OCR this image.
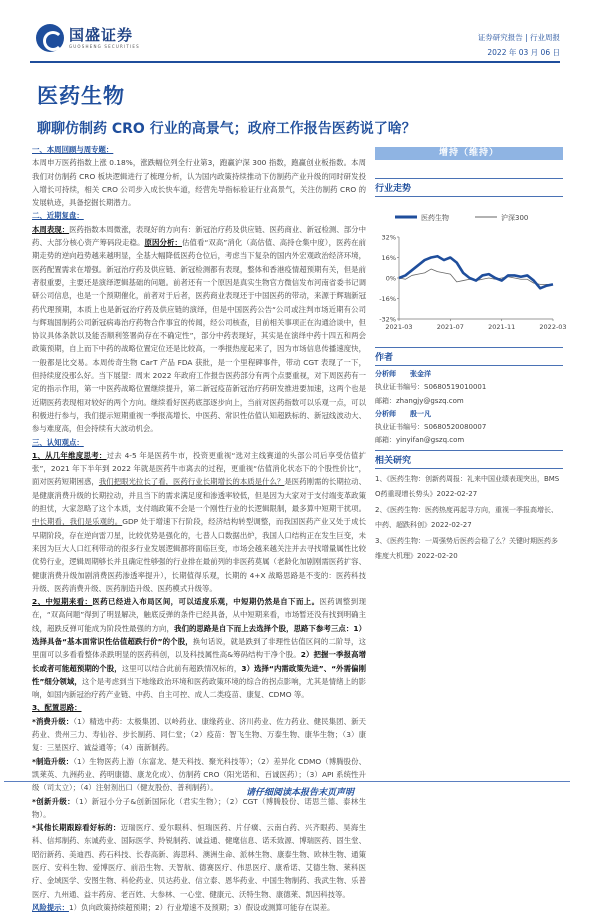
国盛证券
GUOSHENG SECURITIES
证券研究报告 | 行业周报
2022 年 03 月 06 日
医药生物
聊聊仿制药 CRO 行业的高景气；政府工作报告医药说了啥？
一、本周回顾与周专题：
本周申万医药指数上涨 0.18%，涨跌幅位列全行业第3，跑赢沪深 300 指数，跑赢创业板指数。本周我们对仿制药 CRO 板块逻辑进行了梳理分析，认为国内政策持续推动下仿制药产业升级的同时研发投入增长可持续，相关 CRO 公司步入成长快车道，经营先导指标验证行业高景气，关注仿制药 CRO 的发展轨迹，具备挖掘长期潜力。
二、近期复盘：
本周表现：医药指数本周微涨，表现好的方向有：新冠治疗药及供应链、医药商业、新冠检测、部分中药、大部分核心资产筹码段走稳。原因分析：估值看“双高”消化（高估值、高持仓集中度），医药在前期走势的逆向趋势越来越明显，全基大幅降低医药仓位后，考虑当下复杂的国内外宏观政治经济环境，医药配置需求在增强。新冠治疗药及供应链、新冠检测都有表现，整体和香港疫情超预期有关，但是前者很重要，主要还是演绎逻辑基础的问题。前者还有一个原因是真实生物官方微信发布河南省委书记调研公司信息，也是一个预期催化，前者对于后者，医药商业表现还于中国医药的带动，来源于辉瑞新冠药代理预期，本质上也是新冠治疗药及供应链的演绎，但是中国医药公告“公司或注判市场近期有公司与辉瑞国制药公司新冠病毒治疗药物合作事宜的传闻，经公司核查，目前相关事项正在沟通洽谈中，但协议具体条款以及能否顺利签署尚存在不确定性”，部分中药表现好，其实是在演绎中药十四五和两会政策预期，自上而下中药的战略位置定位还是比较高，一季报热度起来了，因为市场信息传播速度快，一般都是比交易。本周传奇生物 CarT 产品 FDA 获批，是一个里程碑事件，带动 CGT 表现了一下，但持续度没那么好。当下展望：周末 2022 年政府工作报告医药部分有两个点要重视，对下周医药有一定的指示作用，第一中医药战略位置继续提升，第二新冠疫苗新冠治疗药研发推进要加速，这两个也是近期医药表现相对较好的两个方向。继续看好医药底部逐步向上，当前对医药指数可以乐观一点，可以积极进行参与，我们提示短期重视一季报高增长、中医药、常识性估值认知超跌标的、新冠线波动大、参与难度高，但会持续有大波动机会。
三、认知观点：
1、从几年维度思考：过去 4-5 年是医药牛市，投资更重视“选对主线赛道的头部公司后享受估值扩张”，2021 年下半年到 2022 年就是医药牛市离去的过程，更重视“估值消化状态下的个股性价比”，面对医药短期困惑，我们把眼光拉长了看，医药行业长期增长的本质是什么？是医药刚需的长期拉动、是健康消费升级的长期拉动，并且当下的需求满足度和渗透率较低，但是因为大家对于支付端变革政策的担忧，大家忽略了这个本质，支付端政策不会是一个刚性行业的长逻辑限制，最多算中短期干扰项。中长期看，我们是乐观的。GDP 处于增速下行阶段，经济结构转型调整，而我国医药产业又处于成长早期阶段，存在逆向雷刀星，比较优势是强化的，七普人口数据出炉，我国人口结构正在发生巨变，未来因为巨大人口红利带动的很多行业发展逻辑都将面临巨变，市场会越来越关注并去寻找增量属性比较优势行业，逻辑周期够长并且确定性够强的行业排在最前列的非医药莫属（老龄化加剧刚需医药扩容、健康消费升级加剧消费医药渗透率提升），长期值得乐观，长期的 4+X 战略思路是不变的：医药科技升级、医药消费升级、医药制造升级、医药模式升级等。
2、中短期来看：医药已经进入布局区间，可以适度乐观，中短期仍然是自下而上。医药调整到现在，“双高问题”得到了明显解决，触底反弹的条件已经具备，从中短期来看，市场暂还没有找到明确主线，超跌反弹可能成为阶段性最强的方向，我们的思路是自下而上去选择个股，思路下参考三点：1）选择具备“基本面常识性估值超跌行价”的个股，换句话说，就是跌到了非理性估值区间的二阶导，这里面可以多看看整体杀跌明显的医药科创，以及科技属性高&筹码结构干净个股。2）把握一季报高增长或者可能超预期的个股，这里可以结合此前有超跌情况标的，3）选择“内需政策先进”、“外需偏刚性”细分领域，这个是考虑到当下地缘政治环境和医药政策环境的综合的拐点影响，尤其是情绪上的影响，如国内新冠治疗药产业链、中药、自主可控、成人二类疫苗、康复、CDMO 等。
3、配置思路：
*消费升级：（1）精选中药：太极集团、以岭药业、康缘药业、济川药业、佐力药业、健民集团、新天药业、贵州三力、寿仙谷、步长制药、同仁堂；（2）疫苗：智飞生物、万泰生物、康华生物；（3）康复：三星医疗、诚益通等；（4）南新制药。
*制造升级：（1）生物医药上游（东富龙、楚天科技、聚光科技等）；（2）差异化 CDMO（博腾股份、凯莱英、九洲药业、药明康德、康龙化成）、仿制药 CRO（阳光诺和、百诚医药）；（3）API 系统性升级（司太立）；（4）注射剂出口（健友股份、普利制药）。
*创新升级：（1）新冠小分子&创新国际化（君实生物）；（2）CGT（博腾股份、诺思兰德、泰林生物）。
*其他长期跟踪看好标的：迈瑞医疗、爱尔眼科、恒瑞医药、片仔癀、云南白药、兴齐眼药、昊海生科、信邦制药、东诚药业、国际医学、羚锐制药、诚益通、健麾信息、诺禾致源、博瑞医药、固生堂、昭衍新药、美迪西、药石科技、长春高新、海思科、澳洲生命、派林生物、康泰生物、欧林生物、通策医疗、安科生物、爱博医疗、前沿生物、天智航、德赛医疗、伟思医疗、康希诺、艾德生物、莱科医疗、金域医学、安图生物、科伦药业、贝达药业、信立泰、恩华药业、中国生物制药、我武生物、乐普医疗、九州通、益丰药房、老百姓、大参林、一心堂、健康元、沃特生物、康德莱、凯因科技等。
风险提示：1）负向政策持续超预期；2）行业增速不及预期；3）假设或测算可能存在误差。
增持（维持）
行业走势
医药生物	沪深300
32%
16%
0%
-16%
-32%
2021-03	2021-07	2021-11	2022-03
作者
分析师 张金洋
执业证书编号：S0680519010001
邮箱：zhangjy@gszq.com
分析师 殷一凡
执业证书编号：S0680520080007
邮箱：yinyifan@gszq.com
相关研究
1、《医药生物：创新药周报：礼来中国业绩表现突出，BMS O药重现增长势头》2022-02-27
2、《医药生物：医药热度再起寻方向，重视一季报高增长、中药、超跌科创》2022-02-27
3、《医药生物：一周强势后医药会稳了么？关键时期医药多维度大机理》2022-02-20
请仔细阅读本报告末页声明
